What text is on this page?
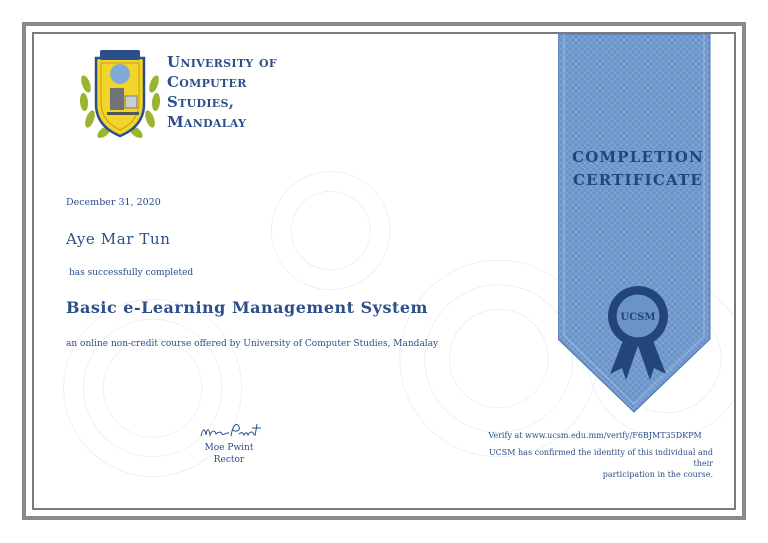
University of
Computer
Studies,
Mandalay
December 31, 2020
Aye Mar Tun
has successfully completed
Basic e-Learning Management System
an online non-credit course offered by University of Computer Studies, Mandalay
Moe Pwint
Rector
COMPLETION
CERTIFICATE
UCSM
Verify at www.ucsm.edu.mm/verify/F6BJMT35DKPM
UCSM has confirmed the identity of this individual and their
participation in the course.
